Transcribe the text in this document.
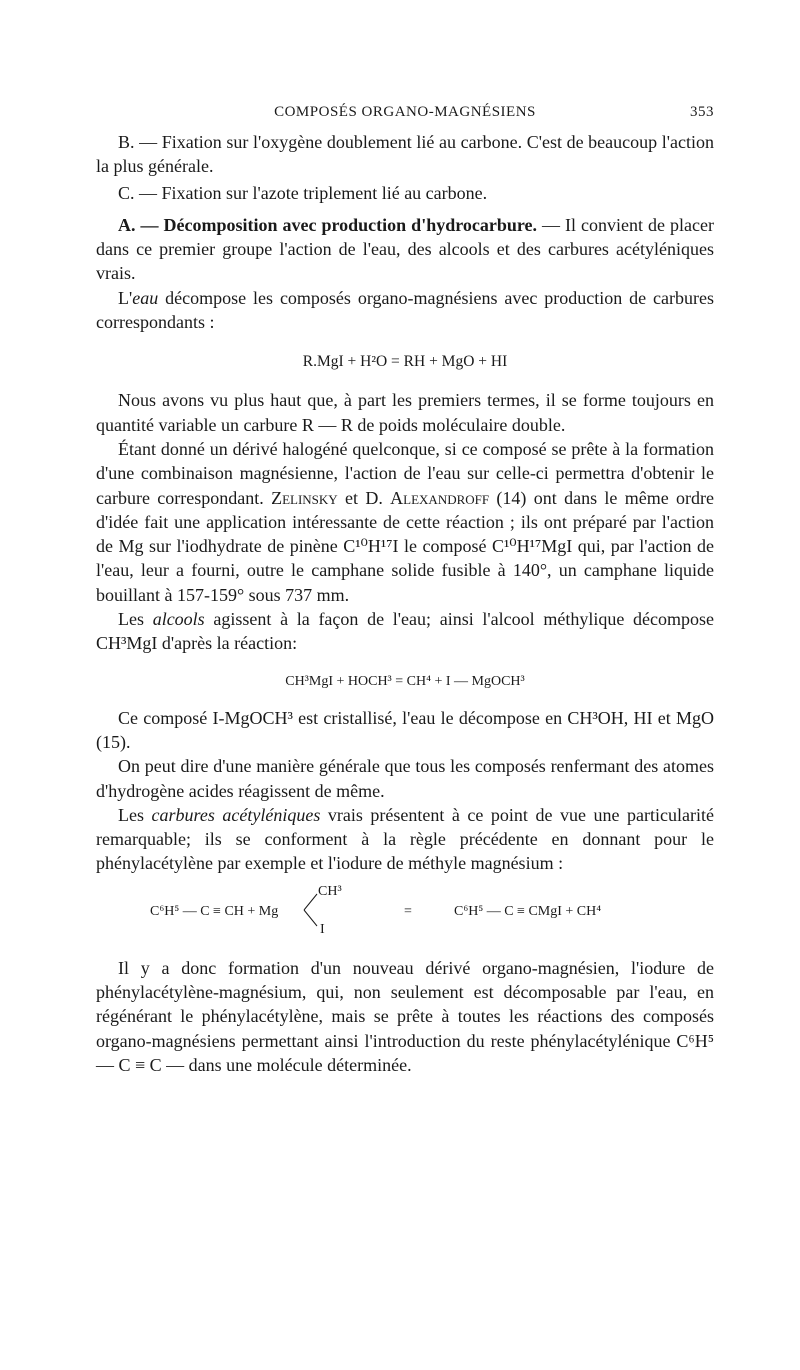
COMPOSÉS ORGANO-MAGNÉSIENS	353

B. — Fixation sur l'oxygène doublement lié au carbone. C'est de beaucoup l'action la plus générale.

C. — Fixation sur l'azote triplement lié au carbone.

A. — Décomposition avec production d'hydrocarbure. — Il convient de placer dans ce premier groupe l'action de l'eau, des alcools et des carbures acétyléniques vrais.

L'eau décompose les composés organo-magnésiens avec production de carbures correspondants :

R.MgI + H²O = RH + MgO + HI

Nous avons vu plus haut que, à part les premiers termes, il se forme toujours en quantité variable un carbure R — R de poids moléculaire double.

Étant donné un dérivé halogéné quelconque, si ce composé se prête à la formation d'une combinaison magnésienne, l'action de l'eau sur celle-ci permettra d'obtenir le carbure correspondant. Zelinsky et D. Alexandroff (14) ont dans le même ordre d'idée fait une application intéressante de cette réaction ; ils ont préparé par l'action de Mg sur l'iodhydrate de pinène C¹⁰H¹⁷I le composé C¹⁰H¹⁷MgI qui, par l'action de l'eau, leur a fourni, outre le camphane solide fusible à 140°, un camphane liquide bouillant à 157-159° sous 737 mm.

Les alcools agissent à la façon de l'eau; ainsi l'alcool méthylique décompose CH³MgI d'après la réaction:

CH³MgI + HOCH³ = CH⁴ + I — MgOCH³

Ce composé I-MgOCH³ est cristallisé, l'eau le décompose en CH³OH, HI et MgO (15).

On peut dire d'une manière générale que tous les composés renfermant des atomes d'hydrogène acides réagissent de même.

Les carbures acétyléniques vrais présentent à ce point de vue une particularité remarquable; ils se conforment à la règle précédente en donnant pour le phénylacétylène par exemple et l'iodure de méthyle magnésium :

C⁶H⁵ — C ≡ CH + Mg
CH³
I
=	C⁶H⁵ — C ≡ CMgI + CH⁴

Il y a donc formation d'un nouveau dérivé organo-magnésien, l'iodure de phénylacétylène-magnésium, qui, non seulement est décomposable par l'eau, en régénérant le phénylacétylène, mais se prête à toutes les réactions des composés organo-magnésiens permettant ainsi l'introduction du reste phénylacétylénique C⁶H⁵ — C ≡ C — dans une molécule déterminée.
